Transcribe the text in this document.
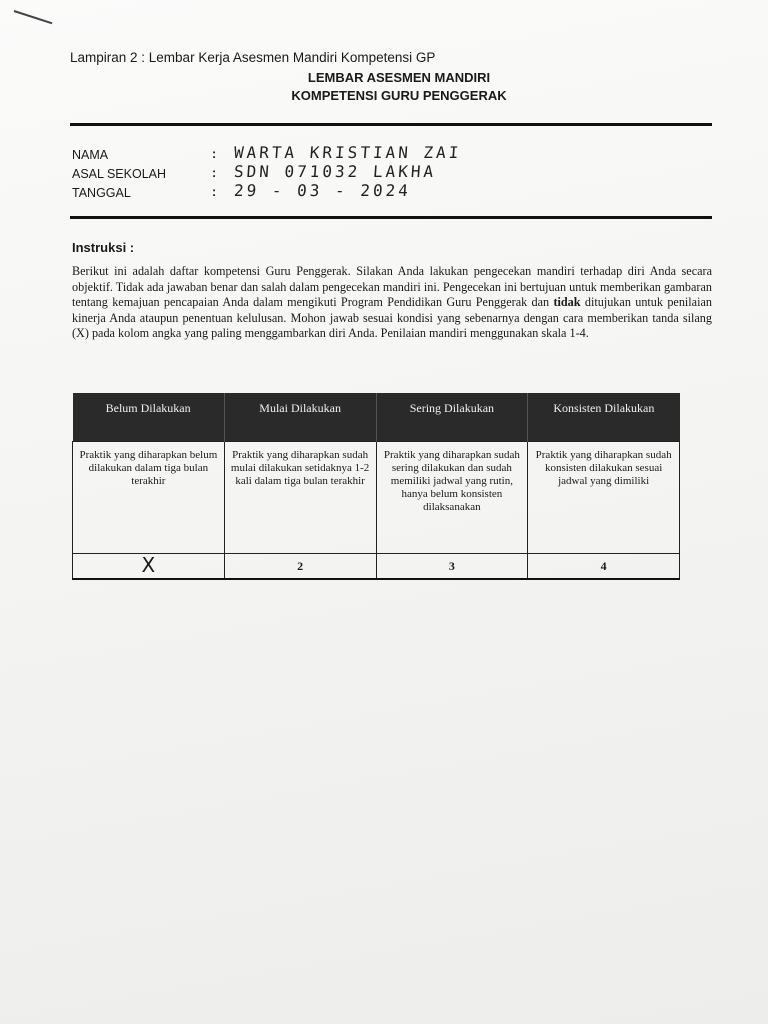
Lampiran 2 : Lembar Kerja Asesmen Mandiri Kompetensi GP
LEMBAR ASESMEN MANDIRI
KOMPETENSI GURU PENGGERAK
NAMA	: WARTA KRISTIAN ZAI
ASAL SEKOLAH	: SDN 071032 LAKHA
TANGGAL	: 29 - 03 - 2024
Instruksi :
Berikut ini adalah daftar kompetensi Guru Penggerak. Silakan Anda lakukan pengecekan mandiri terhadap diri Anda secara objektif. Tidak ada jawaban benar dan salah dalam pengecekan mandiri ini. Pengecekan ini bertujuan untuk memberikan gambaran tentang kemajuan pencapaian Anda dalam mengikuti Program Pendidikan Guru Penggerak dan tidak ditujukan untuk penilaian kinerja Anda ataupun penentuan kelulusan. Mohon jawab sesuai kondisi yang sebenarnya dengan cara memberikan tanda silang (X) pada kolom angka yang paling menggambarkan diri Anda. Penilaian mandiri menggunakan skala 1-4.
Belum Dilakukan	Mulai Dilakukan	Sering Dilakukan	Konsisten Dilakukan
Praktik yang diharapkan belum dilakukan dalam tiga bulan terakhir	Praktik yang diharapkan sudah mulai dilakukan setidaknya 1-2 kali dalam tiga bulan terakhir	Praktik yang diharapkan sudah sering dilakukan dan sudah memiliki jadwal yang rutin, hanya belum konsisten dilaksanakan	Praktik yang diharapkan sudah konsisten dilakukan sesuai jadwal yang dimiliki
X	2	3	4
